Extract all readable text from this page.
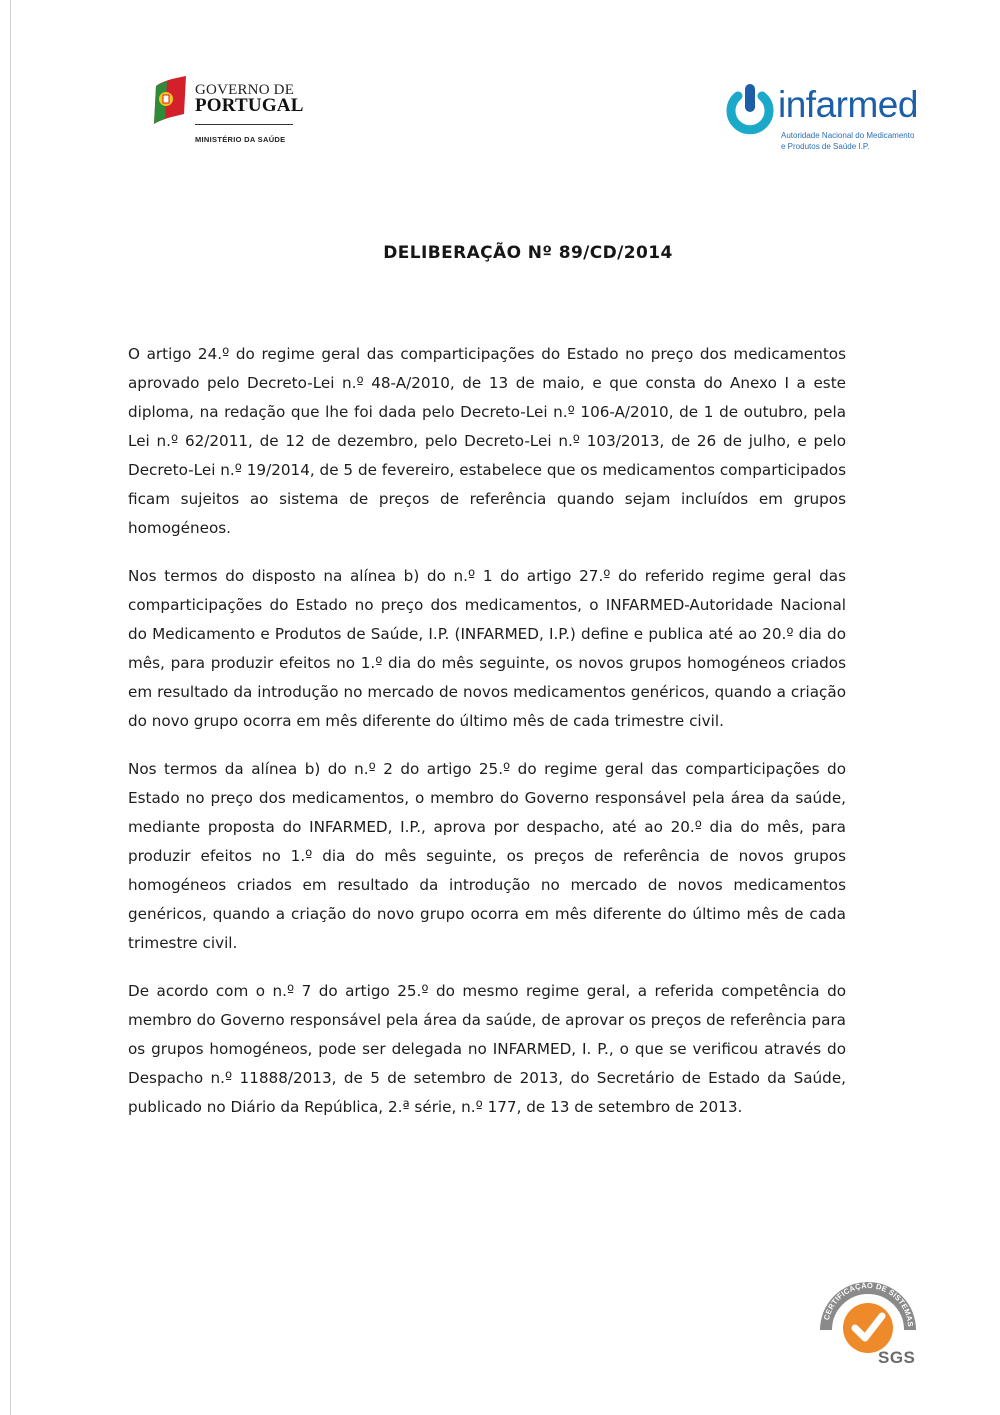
GOVERNO DE
PORTUGAL
MINISTÉRIO DA SAÚDE
infarmed
Autoridade Nacional do Medicamento
e Produtos de Saúde I.P.
DELIBERAÇÃO Nº 89/CD/2014

O artigo 24.º do regime geral das comparticipações do Estado no preço dos medicamentos aprovado pelo Decreto-Lei n.º 48-A/2010, de 13 de maio, e que consta do Anexo I a este diploma, na redação que lhe foi dada pelo Decreto-Lei n.º 106-A/2010, de 1 de outubro, pela Lei n.º 62/2011, de 12 de dezembro, pelo Decreto-Lei n.º 103/2013, de 26 de julho, e pelo Decreto-Lei n.º 19/2014, de 5 de fevereiro, estabelece que os medicamentos comparticipados ficam sujeitos ao sistema de preços de referência quando sejam incluídos em grupos homogéneos.

Nos termos do disposto na alínea b) do n.º 1 do artigo 27.º do referido regime geral das comparticipações do Estado no preço dos medicamentos, o INFARMED-Autoridade Nacional do Medicamento e Produtos de Saúde, I.P. (INFARMED, I.P.) define e publica até ao 20.º dia do mês, para produzir efeitos no 1.º dia do mês seguinte, os novos grupos homogéneos criados em resultado da introdução no mercado de novos medicamentos genéricos, quando a criação do novo grupo ocorra em mês diferente do último mês de cada trimestre civil.

Nos termos da alínea b) do n.º 2 do artigo 25.º do regime geral das comparticipações do Estado no preço dos medicamentos, o membro do Governo responsável pela área da saúde, mediante proposta do INFARMED, I.P., aprova por despacho, até ao 20.º dia do mês, para produzir efeitos no 1.º dia do mês seguinte, os preços de referência de novos grupos homogéneos criados em resultado da introdução no mercado de novos medicamentos genéricos, quando a criação do novo grupo ocorra em mês diferente do último mês de cada trimestre civil.

De acordo com o n.º 7 do artigo 25.º do mesmo regime geral, a referida competência do membro do Governo responsável pela área da saúde, de aprovar os preços de referência para os grupos homogéneos, pode ser delegada no INFARMED, I. P., o que se verificou através do Despacho n.º 11888/2013, de 5 de setembro de 2013, do Secretário de Estado da Saúde, publicado no Diário da República, 2.ª série, n.º 177, de 13 de setembro de 2013.

CERTIFICAÇÃO DE SISTEMAS
SGS
